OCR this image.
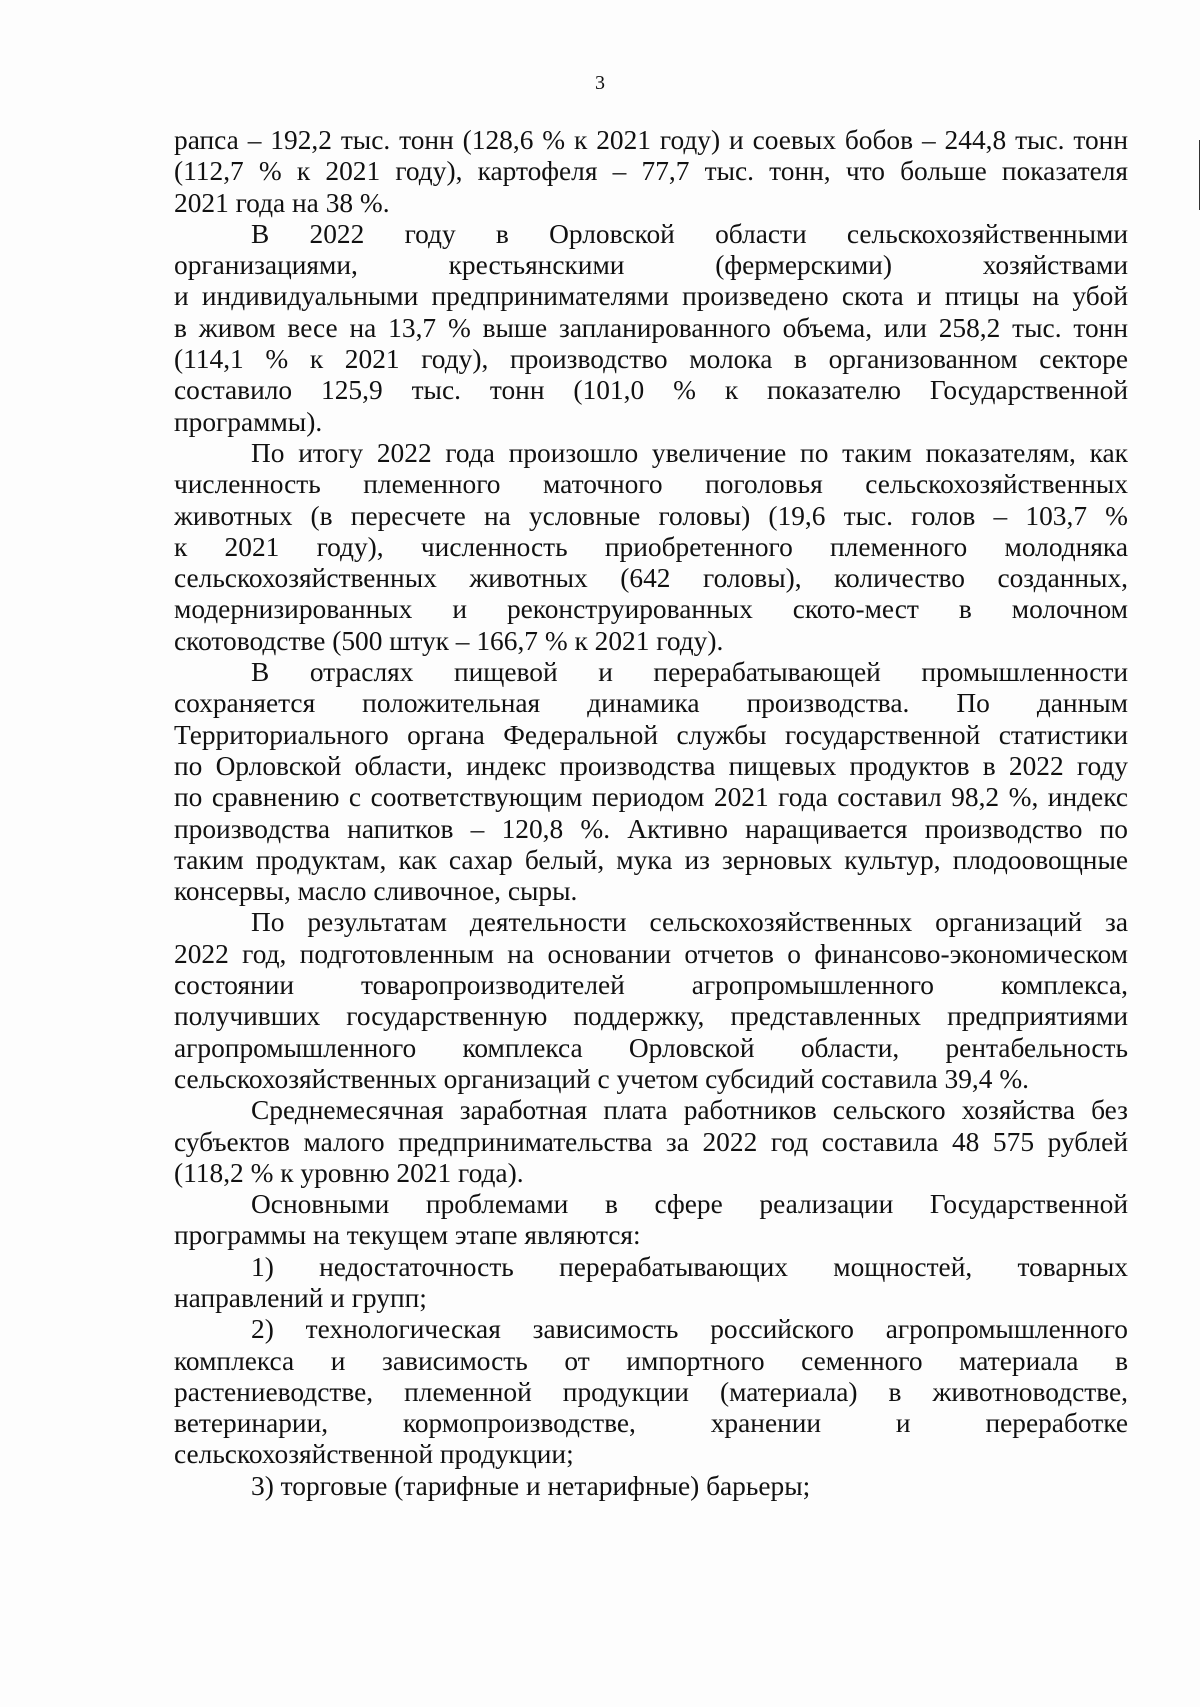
3
рапса – 192,2 тыс. тонн (128,6 % к 2021 году) и соевых бобов – 244,8 тыс. тонн
(112,7 % к 2021 году), картофеля – 77,7 тыс. тонн, что больше показателя
2021 года на 38 %.
В 2022 году в Орловской области сельскохозяйственными
организациями, крестьянскими (фермерскими) хозяйствами
и индивидуальными предпринимателями произведено скота и птицы на убой
в живом весе на 13,7 % выше запланированного объема, или 258,2 тыс. тонн
(114,1 % к 2021 году), производство молока в организованном секторе
составило 125,9 тыс. тонн (101,0 % к показателю Государственной
программы).
По итогу 2022 года произошло увеличение по таким показателям, как
численность племенного маточного поголовья сельскохозяйственных
животных (в пересчете на условные головы) (19,6 тыс. голов – 103,7 %
к 2021 году), численность приобретенного племенного молодняка
сельскохозяйственных животных (642 головы), количество созданных,
модернизированных и реконструированных ското-мест в молочном
скотоводстве (500 штук – 166,7 % к 2021 году).
В отраслях пищевой и перерабатывающей промышленности
сохраняется положительная динамика производства. По данным
Территориального органа Федеральной службы государственной статистики
по Орловской области, индекс производства пищевых продуктов в 2022 году
по сравнению с соответствующим периодом 2021 года составил 98,2 %, индекс
производства напитков – 120,8 %. Активно наращивается производство по
таким продуктам, как сахар белый, мука из зерновых культур, плодоовощные
консервы, масло сливочное, сыры.
По результатам деятельности сельскохозяйственных организаций за
2022 год, подготовленным на основании отчетов о финансово-экономическом
состоянии товаропроизводителей агропромышленного комплекса,
получивших государственную поддержку, представленных предприятиями
агропромышленного комплекса Орловской области, рентабельность
сельскохозяйственных организаций с учетом субсидий составила 39,4 %.
Среднемесячная заработная плата работников сельского хозяйства без
субъектов малого предпринимательства за 2022 год составила 48 575 рублей
(118,2 % к уровню 2021 года).
Основными проблемами в сфере реализации Государственной
программы на текущем этапе являются:
1) недостаточность перерабатывающих мощностей, товарных
направлений и групп;
2) технологическая зависимость российского агропромышленного
комплекса и зависимость от импортного семенного материала в
растениеводстве, племенной продукции (материала) в животноводстве,
ветеринарии, кормопроизводстве, хранении и переработке
сельскохозяйственной продукции;
3) торговые (тарифные и нетарифные) барьеры;
